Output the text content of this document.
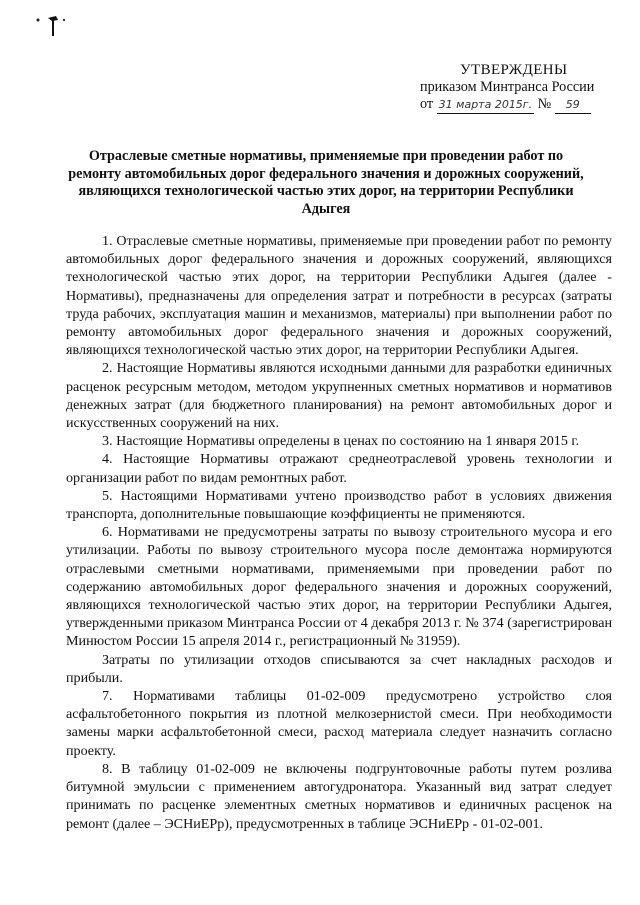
УТВЕРЖДЕНЫ
приказом Минтранса России
от 31 марта 2015г. № 59
Отраслевые сметные нормативы, применяемые при проведении работ по ремонту автомобильных дорог федерального значения и дорожных сооружений, являющихся технологической частью этих дорог, на территории Республики Адыгея

1. Отраслевые сметные нормативы, применяемые при проведении работ по ремонту автомобильных дорог федерального значения и дорожных сооружений, являющихся технологической частью этих дорог, на территории Республики Адыгея (далее - Нормативы), предназначены для определения затрат и потребности в ресурсах (затраты труда рабочих, эксплуатация машин и механизмов, материалы) при выполнении работ по ремонту автомобильных дорог федерального значения и дорожных сооружений, являющихся технологической частью этих дорог, на территории Республики Адыгея.

2. Настоящие Нормативы являются исходными данными для разработки единичных расценок ресурсным методом, методом укрупненных сметных нормативов и нормативов денежных затрат (для бюджетного планирования) на ремонт автомобильных дорог и искусственных сооружений на них.

3. Настоящие Нормативы определены в ценах по состоянию на 1 января 2015 г.

4. Настоящие Нормативы отражают среднеотраслевой уровень технологии и организации работ по видам ремонтных работ.

5. Настоящими Нормативами учтено производство работ в условиях движения транспорта, дополнительные повышающие коэффициенты не применяются.

6. Нормативами не предусмотрены затраты по вывозу строительного мусора и его утилизации. Работы по вывозу строительного мусора после демонтажа нормируются отраслевыми сметными нормативами, применяемыми при проведении работ по содержанию автомобильных дорог федерального значения и дорожных сооружений, являющихся технологической частью этих дорог, на территории Республики Адыгея, утвержденными приказом Минтранса России от 4 декабря 2013 г. № 374 (зарегистрирован Минюстом России 15 апреля 2014 г., регистрационный № 31959).

Затраты по утилизации отходов списываются за счет накладных расходов и прибыли.

7. Нормативами таблицы 01-02-009 предусмотрено устройство слоя асфальтобетонного покрытия из плотной мелкозернистой смеси. При необходимости замены марки асфальтобетонной смеси, расход материала следует назначить согласно проекту.

8. В таблицу 01-02-009 не включены подгрунтовочные работы путем розлива битумной эмульсии с применением автогудронатора. Указанный вид затрат следует принимать по расценке элементных сметных нормативов и единичных расценок на ремонт (далее – ЭСНиЕРр), предусмотренных в таблице ЭСНиЕРр - 01-02-001.
